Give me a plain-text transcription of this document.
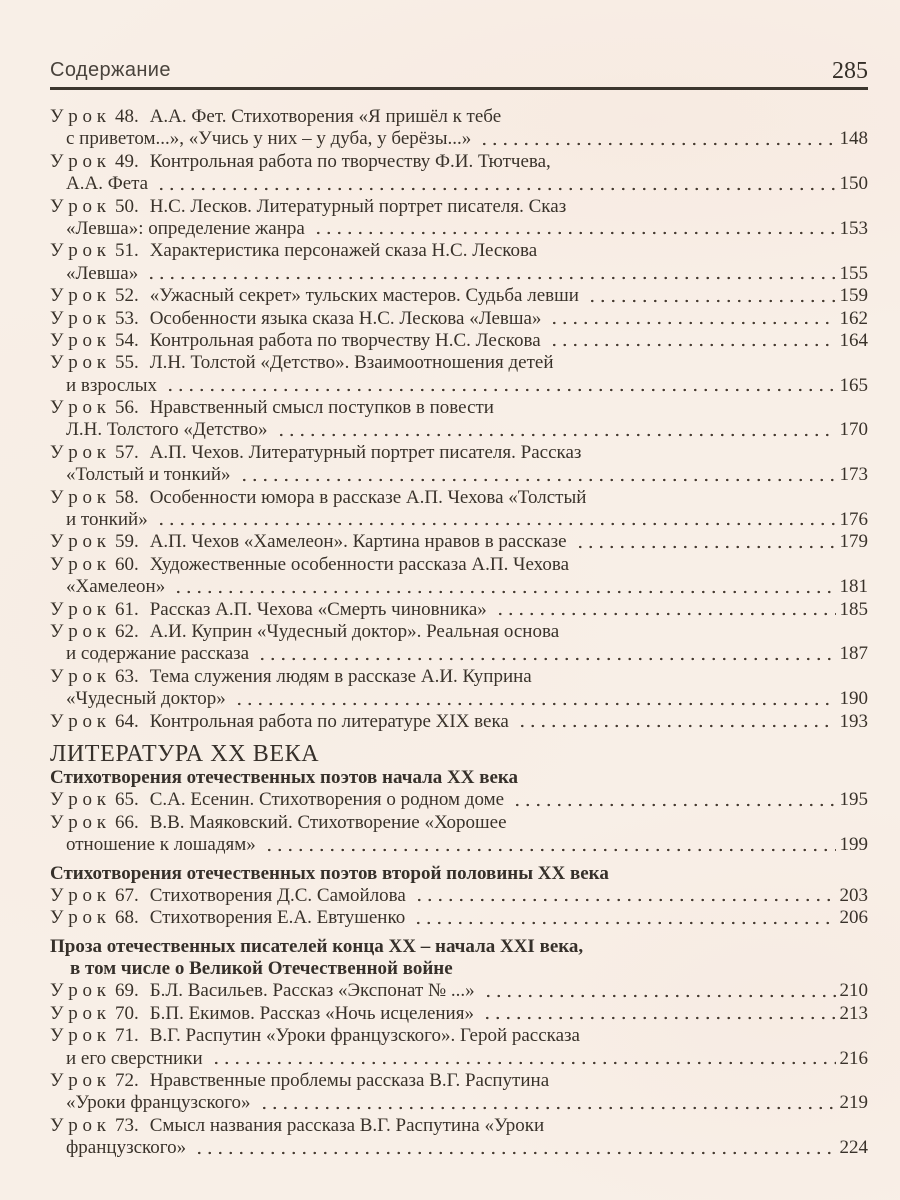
Содержание	285
У р о к 48. А.А. Фет. Стихотворения «Я пришёл к тебе
с приветом...», «Учись у них – у дуба, у берёзы...»	148
У р о к 49. Контрольная работа по творчеству Ф.И. Тютчева,
А.А. Фета	150
У р о к 50. Н.С. Лесков. Литературный портрет писателя. Сказ
«Левша»: определение жанра	153
У р о к 51. Характеристика персонажей сказа Н.С. Лескова
«Левша»	155
У р о к 52. «Ужасный секрет» тульских мастеров. Судьба левши	159
У р о к 53. Особенности языка сказа Н.С. Лескова «Левша»	162
У р о к 54. Контрольная работа по творчеству Н.С. Лескова	164
У р о к 55. Л.Н. Толстой «Детство». Взаимоотношения детей
и взрослых	165
У р о к 56. Нравственный смысл поступков в повести
Л.Н. Толстого «Детство»	170
У р о к 57. А.П. Чехов. Литературный портрет писателя. Рассказ
«Толстый и тонкий»	173
У р о к 58. Особенности юмора в рассказе А.П. Чехова «Толстый
и тонкий»	176
У р о к 59. А.П. Чехов «Хамелеон». Картина нравов в рассказе	179
У р о к 60. Художественные особенности рассказа А.П. Чехова
«Хамелеон»	181
У р о к 61. Рассказ А.П. Чехова «Смерть чиновника»	185
У р о к 62. А.И. Куприн «Чудесный доктор». Реальная основа
и содержание рассказа	187
У р о к 63. Тема служения людям в рассказе А.И. Куприна
«Чудесный доктор»	190
У р о к 64. Контрольная работа по литературе XIX века	193
ЛИТЕРАТУРА XX ВЕКА
Стихотворения отечественных поэтов начала XX века
У р о к 65. С.А. Есенин. Стихотворения о родном доме	195
У р о к 66. В.В. Маяковский. Стихотворение «Хорошее
отношение к лошадям»	199
Стихотворения отечественных поэтов второй половины XX века
У р о к 67. Стихотворения Д.С. Самойлова	203
У р о к 68. Стихотворения Е.А. Евтушенко	206
Проза отечественных писателей конца XX – начала XXI века,
в том числе о Великой Отечественной войне
У р о к 69. Б.Л. Васильев. Рассказ «Экспонат № ...»	210
У р о к 70. Б.П. Екимов. Рассказ «Ночь исцеления»	213
У р о к 71. В.Г. Распутин «Уроки французского». Герой рассказа
и его сверстники	216
У р о к 72. Нравственные проблемы рассказа В.Г. Распутина
«Уроки французского»	219
У р о к 73. Смысл названия рассказа В.Г. Распутина «Уроки
французского»	224
